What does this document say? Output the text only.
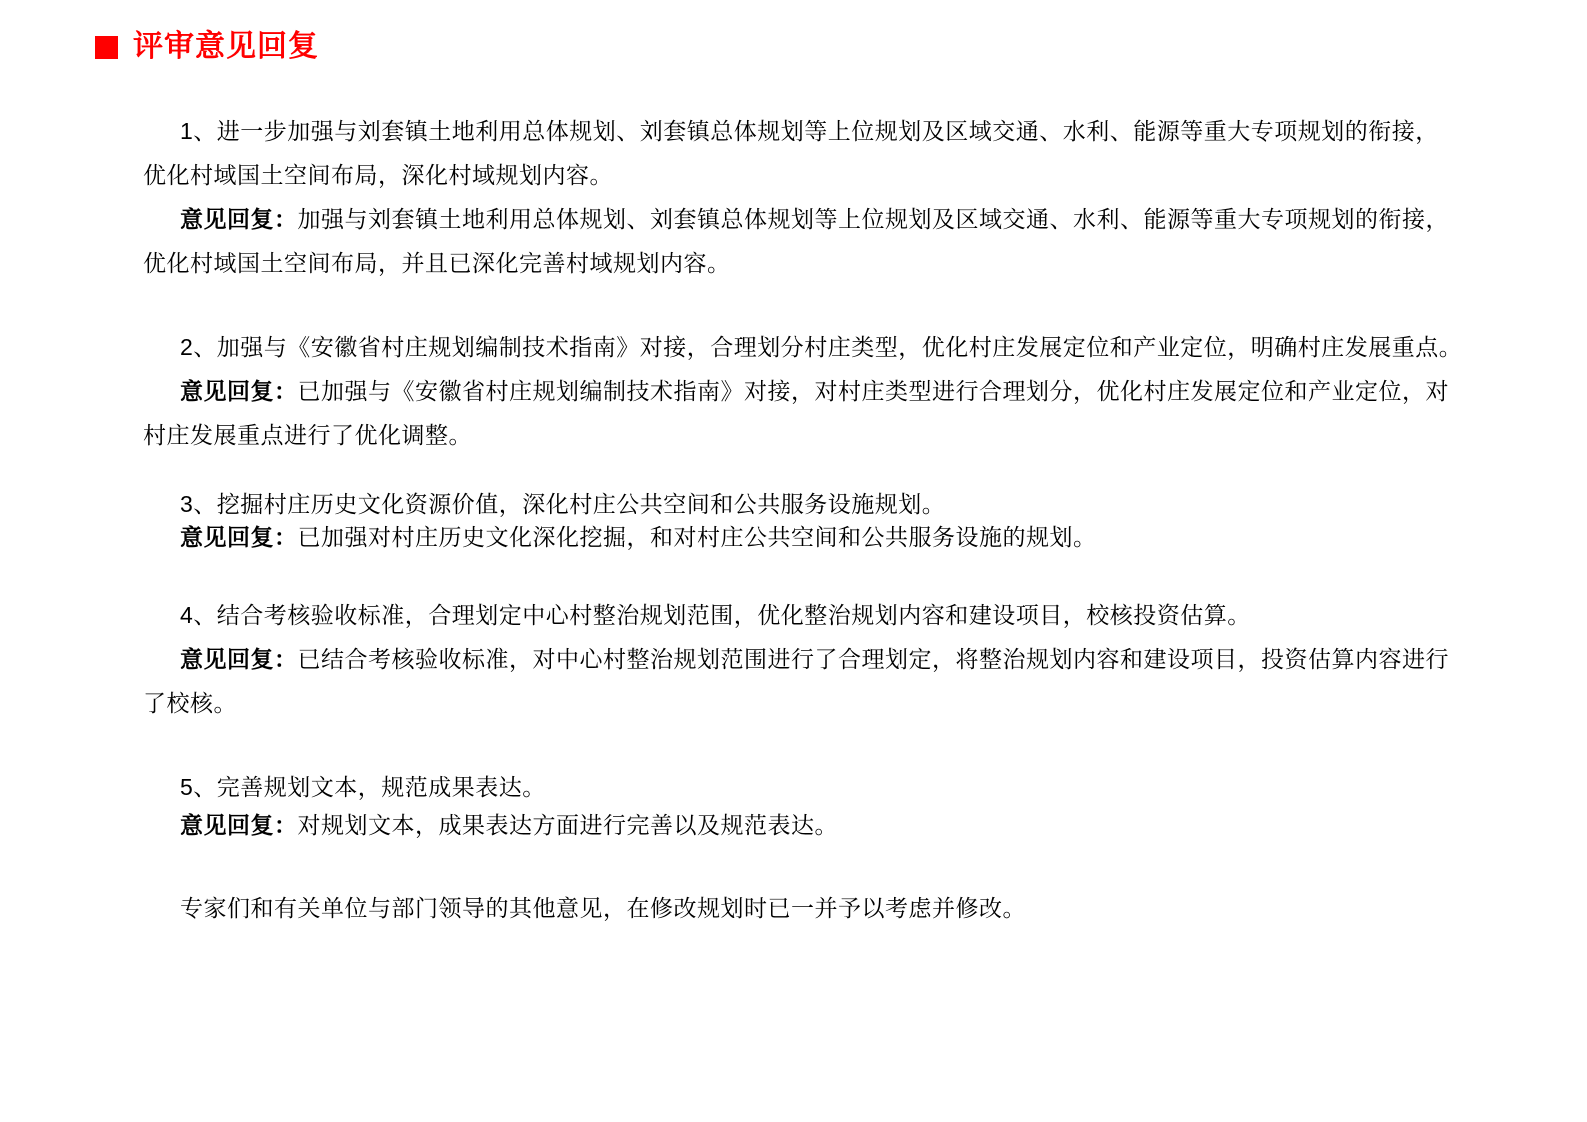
评审意见回复
1、进一步加强与刘套镇土地利用总体规划、刘套镇总体规划等上位规划及区域交通、水利、能源等重大专项规划的衔接，
优化村域国土空间布局，深化村域规划内容。
意见回复：加强与刘套镇土地利用总体规划、刘套镇总体规划等上位规划及区域交通、水利、能源等重大专项规划的衔接，
优化村域国土空间布局，并且已深化完善村域规划内容。
2、加强与《安徽省村庄规划编制技术指南》对接，合理划分村庄类型，优化村庄发展定位和产业定位，明确村庄发展重点。
意见回复：已加强与《安徽省村庄规划编制技术指南》对接，对村庄类型进行合理划分，优化村庄发展定位和产业定位，对
村庄发展重点进行了优化调整。
3、挖掘村庄历史文化资源价值，深化村庄公共空间和公共服务设施规划。
意见回复：已加强对村庄历史文化深化挖掘，和对村庄公共空间和公共服务设施的规划。
4、结合考核验收标准，合理划定中心村整治规划范围，优化整治规划内容和建设项目，校核投资估算。
意见回复：已结合考核验收标准，对中心村整治规划范围进行了合理划定，将整治规划内容和建设项目，投资估算内容进行
了校核。
5、完善规划文本，规范成果表达。
意见回复：对规划文本，成果表达方面进行完善以及规范表达。
专家们和有关单位与部门领导的其他意见，在修改规划时已一并予以考虑并修改。
